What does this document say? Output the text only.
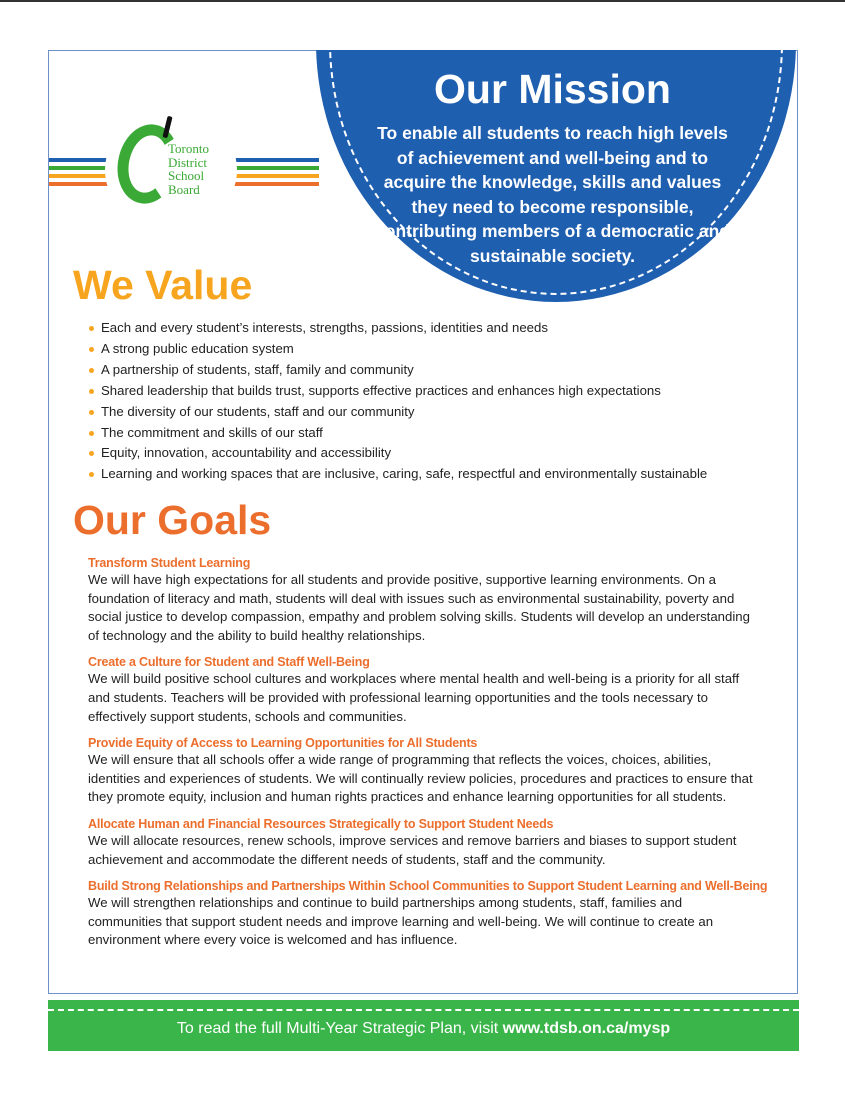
Our Mission
To enable all students to reach high levels of achievement and well-being and to acquire the knowledge, skills and values they need to become responsible, contributing members of a democratic and sustainable society.
Toronto
District
School
Board
We Value
Each and every student’s interests, strengths, passions, identities and needs
A strong public education system
A partnership of students, staff, family and community
Shared leadership that builds trust, supports effective practices and enhances high expectations
The diversity of our students, staff and our community
The commitment and skills of our staff
Equity, innovation, accountability and accessibility
Learning and working spaces that are inclusive, caring, safe, respectful and environmentally sustainable
Our Goals
Transform Student Learning
We will have high expectations for all students and provide positive, supportive learning environments. On a foundation of literacy and math, students will deal with issues such as environmental sustainability, poverty and social justice to develop compassion, empathy and problem solving skills. Students will develop an understanding of technology and the ability to build healthy relationships.
Create a Culture for Student and Staff Well-Being
We will build positive school cultures and workplaces where mental health and well-being is a priority for all staff and students. Teachers will be provided with professional learning opportunities and the tools necessary to effectively support students, schools and communities.
Provide Equity of Access to Learning Opportunities for All Students
We will ensure that all schools offer a wide range of programming that reflects the voices, choices, abilities, identities and experiences of students. We will continually review policies, procedures and practices to ensure that they promote equity, inclusion and human rights practices and enhance learning opportunities for all students.
Allocate Human and Financial Resources Strategically to Support Student Needs
We will allocate resources, renew schools, improve services and remove barriers and biases to support student achievement and accommodate the different needs of students, staff and the community.
Build Strong Relationships and Partnerships Within School Communities to Support Student Learning and Well-Being
We will strengthen relationships and continue to build partnerships among students, staff, families and communities that support student needs and improve learning and well-being. We will continue to create an environment where every voice is welcomed and has influence.
To read the full Multi-Year Strategic Plan, visit www.tdsb.on.ca/mysp
